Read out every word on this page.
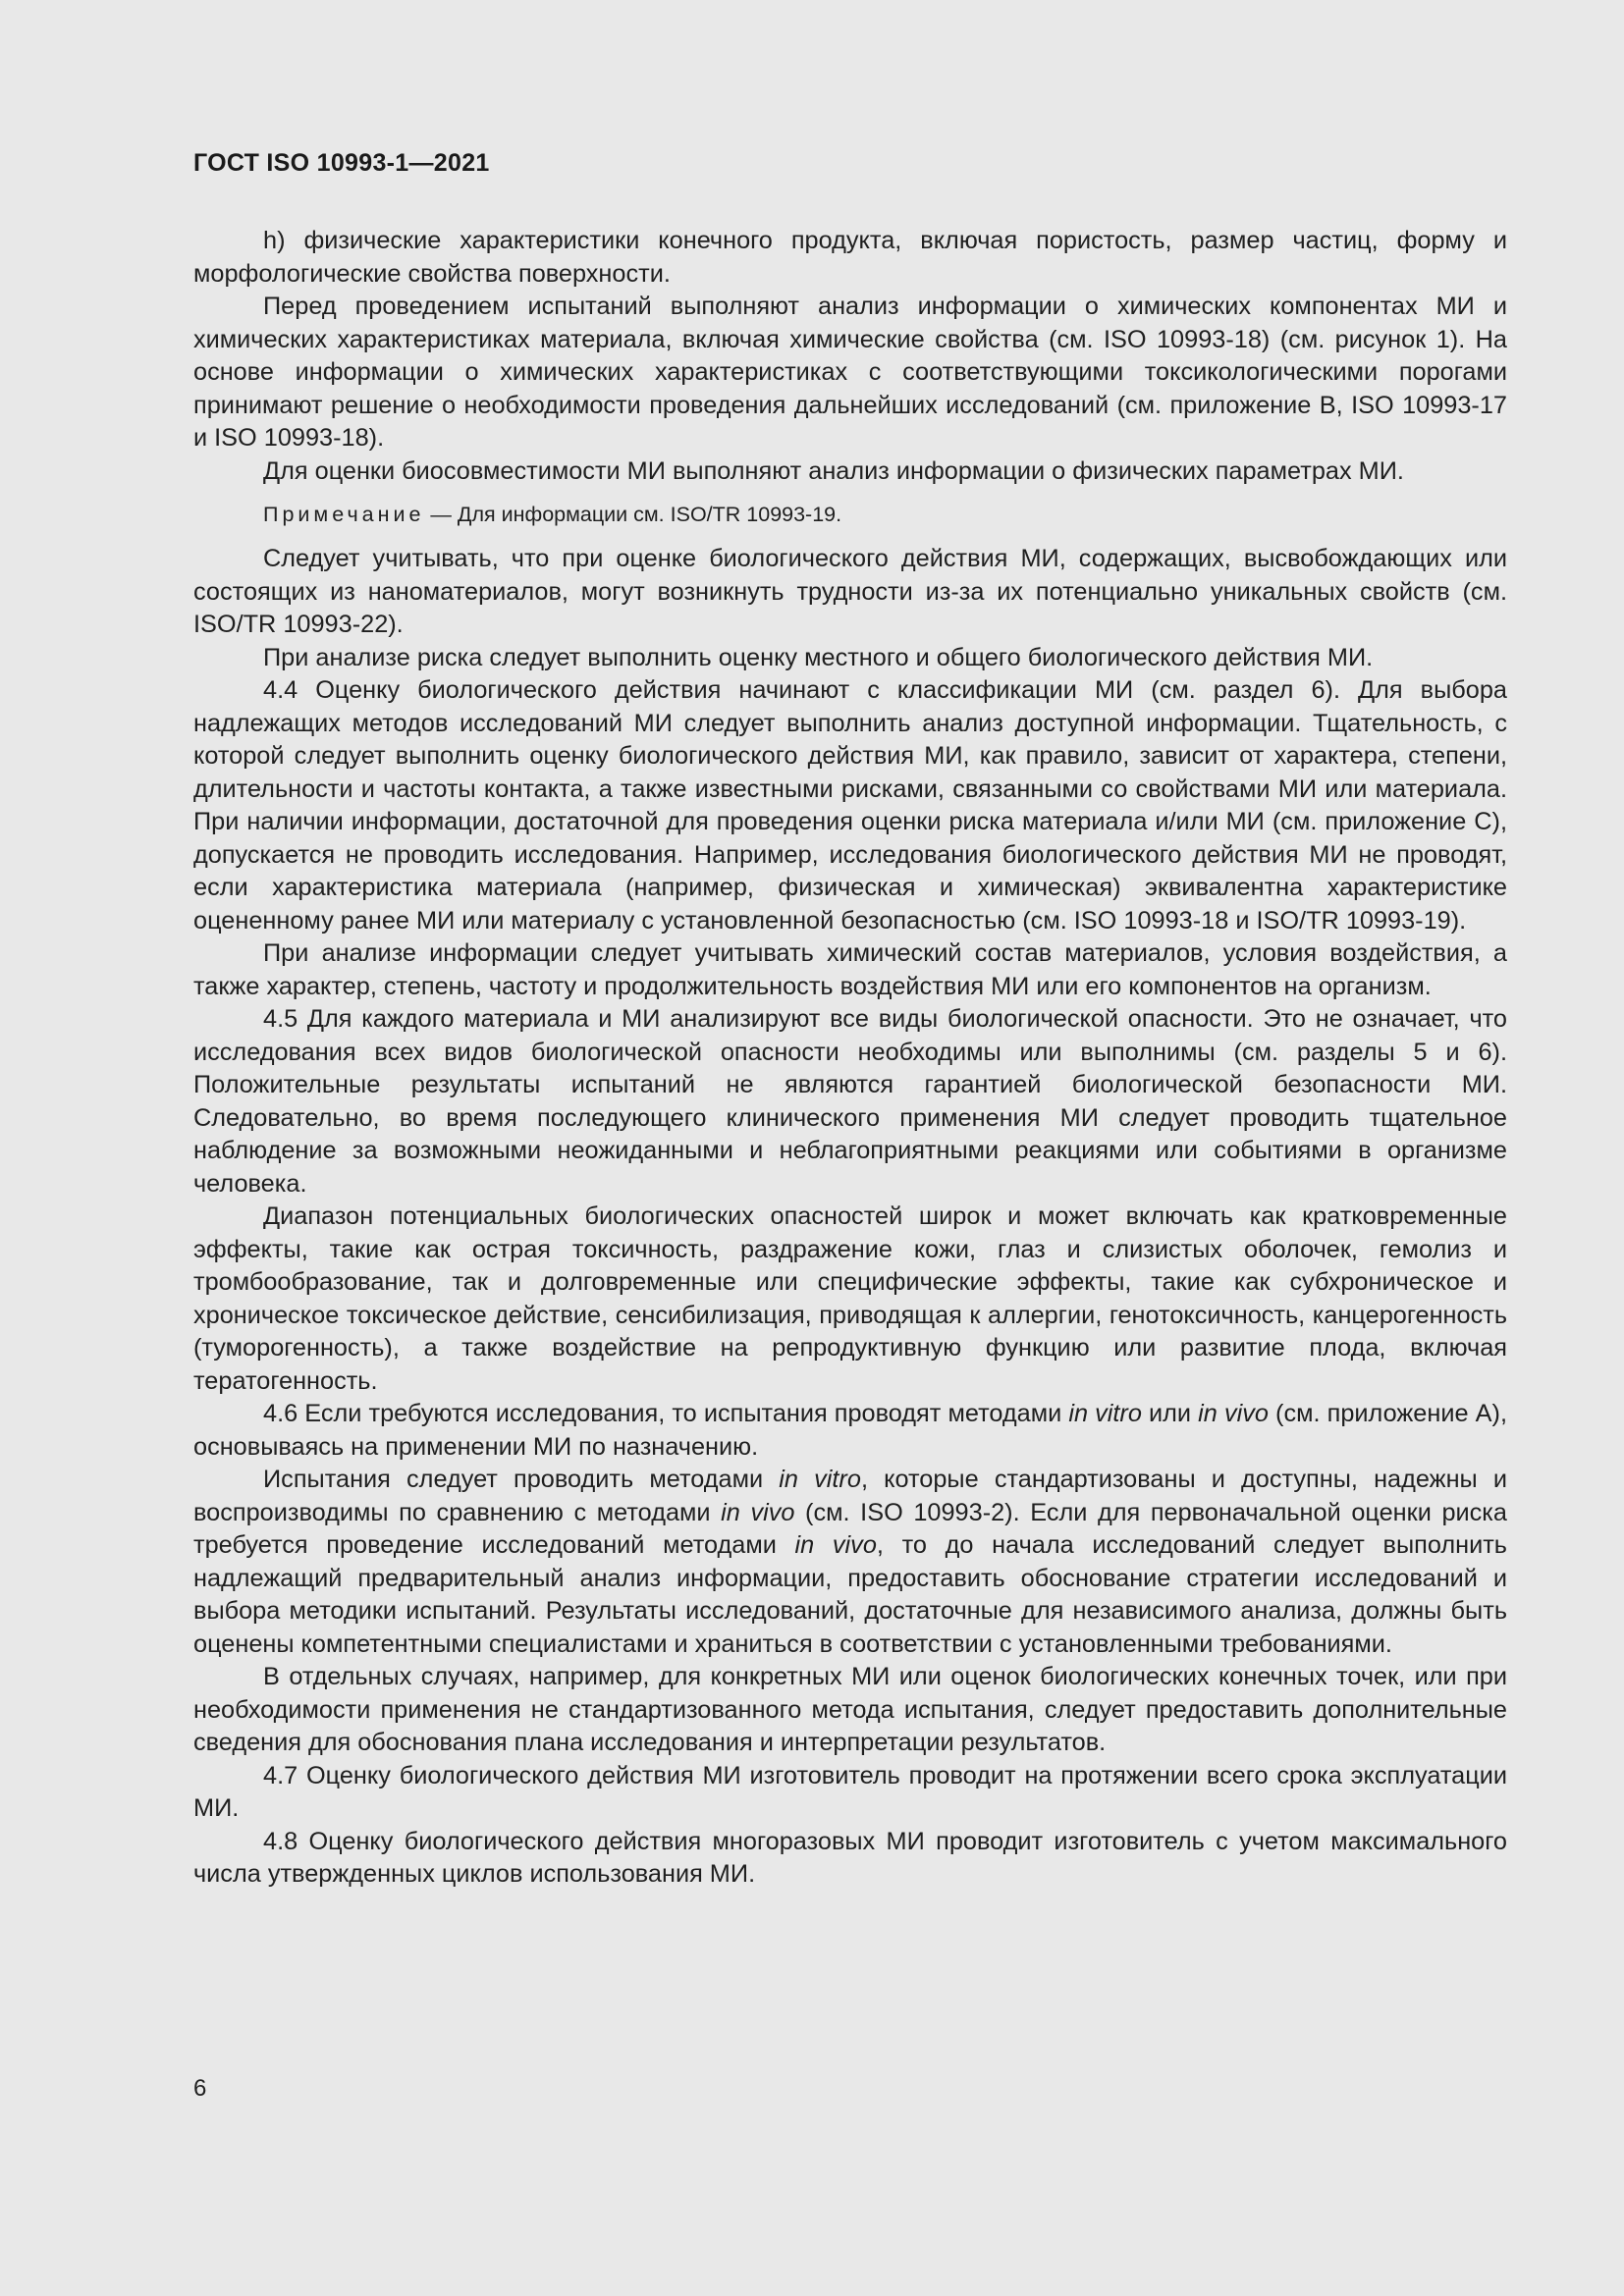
ГОСТ ISO 10993-1—2021

h) физические характеристики конечного продукта, включая пористость, размер частиц, форму и морфологические свойства поверхности.

Перед проведением испытаний выполняют анализ информации о химических компонентах МИ и химических характеристиках материала, включая химические свойства (см. ISO 10993-18) (см. рисунок 1). На основе информации о химических характеристиках с соответствующими токсикологическими порогами принимают решение о необходимости проведения дальнейших исследований (см. приложение B, ISO 10993-17 и ISO 10993-18).

Для оценки биосовместимости МИ выполняют анализ информации о физических параметрах МИ.

Примечание — Для информации см. ISO/TR 10993-19.

Следует учитывать, что при оценке биологического действия МИ, содержащих, высвобождающих или состоящих из наноматериалов, могут возникнуть трудности из-за их потенциально уникальных свойств (см. ISO/TR 10993-22).

При анализе риска следует выполнить оценку местного и общего биологического действия МИ.

4.4 Оценку биологического действия начинают с классификации МИ (см. раздел 6). Для выбора надлежащих методов исследований МИ следует выполнить анализ доступной информации. Тщательность, с которой следует выполнить оценку биологического действия МИ, как правило, зависит от характера, степени, длительности и частоты контакта, а также известными рисками, связанными со свойствами МИ или материала. При наличии информации, достаточной для проведения оценки риска материала и/или МИ (см. приложение С), допускается не проводить исследования. Например, исследования биологического действия МИ не проводят, если характеристика материала (например, физическая и химическая) эквивалентна характеристике оцененному ранее МИ или материалу с установленной безопасностью (см. ISO 10993-18 и ISO/TR 10993-19).

При анализе информации следует учитывать химический состав материалов, условия воздействия, а также характер, степень, частоту и продолжительность воздействия МИ или его компонентов на организм.

4.5 Для каждого материала и МИ анализируют все виды биологической опасности. Это не означает, что исследования всех видов биологической опасности необходимы или выполнимы (см. разделы 5 и 6). Положительные результаты испытаний не являются гарантией биологической безопасности МИ. Следовательно, во время последующего клинического применения МИ следует проводить тщательное наблюдение за возможными неожиданными и неблагоприятными реакциями или событиями в организме человека.

Диапазон потенциальных биологических опасностей широк и может включать как кратковременные эффекты, такие как острая токсичность, раздражение кожи, глаз и слизистых оболочек, гемолиз и тромбообразование, так и долговременные или специфические эффекты, такие как субхроническое и хроническое токсическое действие, сенсибилизация, приводящая к аллергии, генотоксичность, канцерогенность (туморогенность), а также воздействие на репродуктивную функцию или развитие плода, включая тератогенность.

4.6 Если требуются исследования, то испытания проводят методами in vitro или in vivo (см. приложение А), основываясь на применении МИ по назначению.

Испытания следует проводить методами in vitro, которые стандартизованы и доступны, надежны и воспроизводимы по сравнению с методами in vivo (см. ISO 10993-2). Если для первоначальной оценки риска требуется проведение исследований методами in vivo, то до начала исследований следует выполнить надлежащий предварительный анализ информации, предоставить обоснование стратегии исследований и выбора методики испытаний. Результаты исследований, достаточные для независимого анализа, должны быть оценены компетентными специалистами и храниться в соответствии с установленными требованиями.

В отдельных случаях, например, для конкретных МИ или оценок биологических конечных точек, или при необходимости применения не стандартизованного метода испытания, следует предоставить дополнительные сведения для обоснования плана исследования и интерпретации результатов.

4.7 Оценку биологического действия МИ изготовитель проводит на протяжении всего срока эксплуатации МИ.

4.8 Оценку биологического действия многоразовых МИ проводит изготовитель с учетом максимального числа утвержденных циклов использования МИ.

6
